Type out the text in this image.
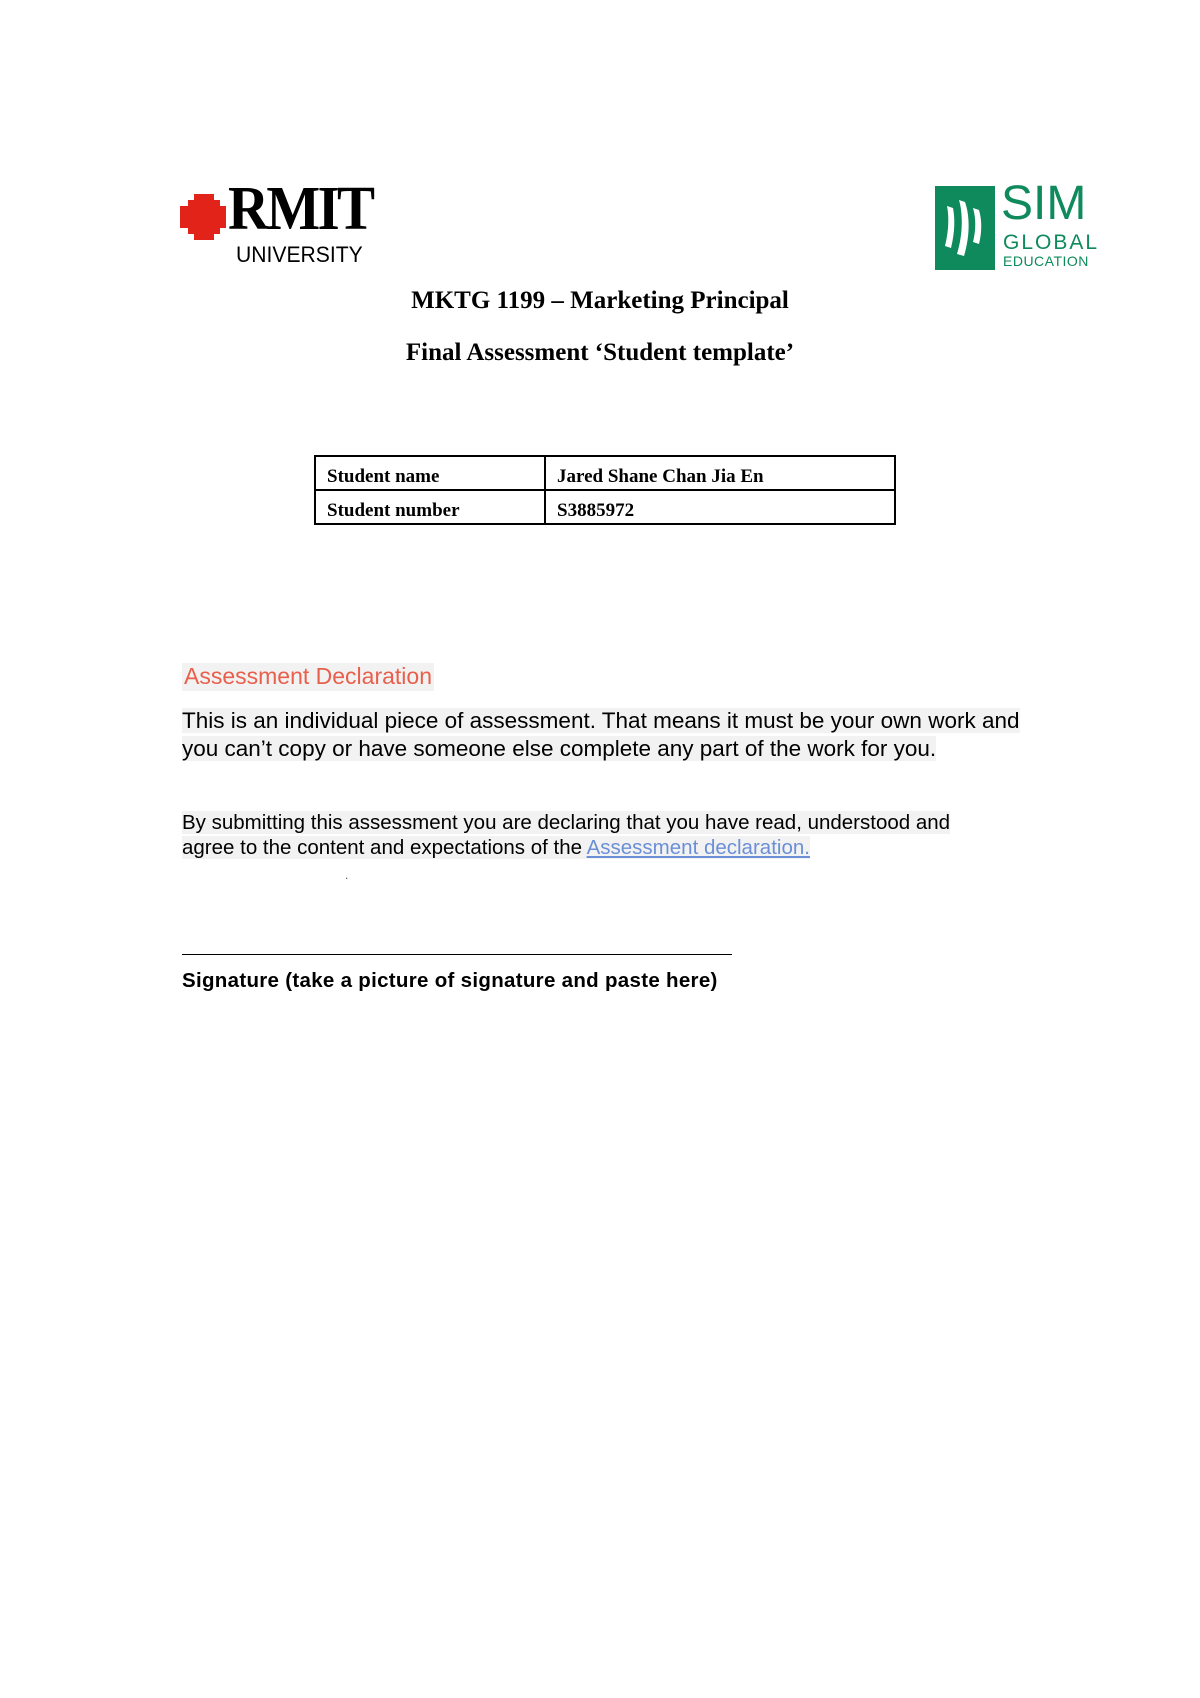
RMIT
UNIVERSITY
SIM
GLOBAL
EDUCATION
MKTG 1199 – Marketing Principal
Final Assessment ‘Student template’
Student name	Jared Shane Chan Jia En
Student number	S3885972
Assessment Declaration
This is an individual piece of assessment. That means it must be your own work and you can’t copy or have someone else complete any part of the work for you.
By submitting this assessment you are declaring that you have read, understood and agree to the content and expectations of the Assessment declaration.
.
Signature (take a picture of signature and paste here)
